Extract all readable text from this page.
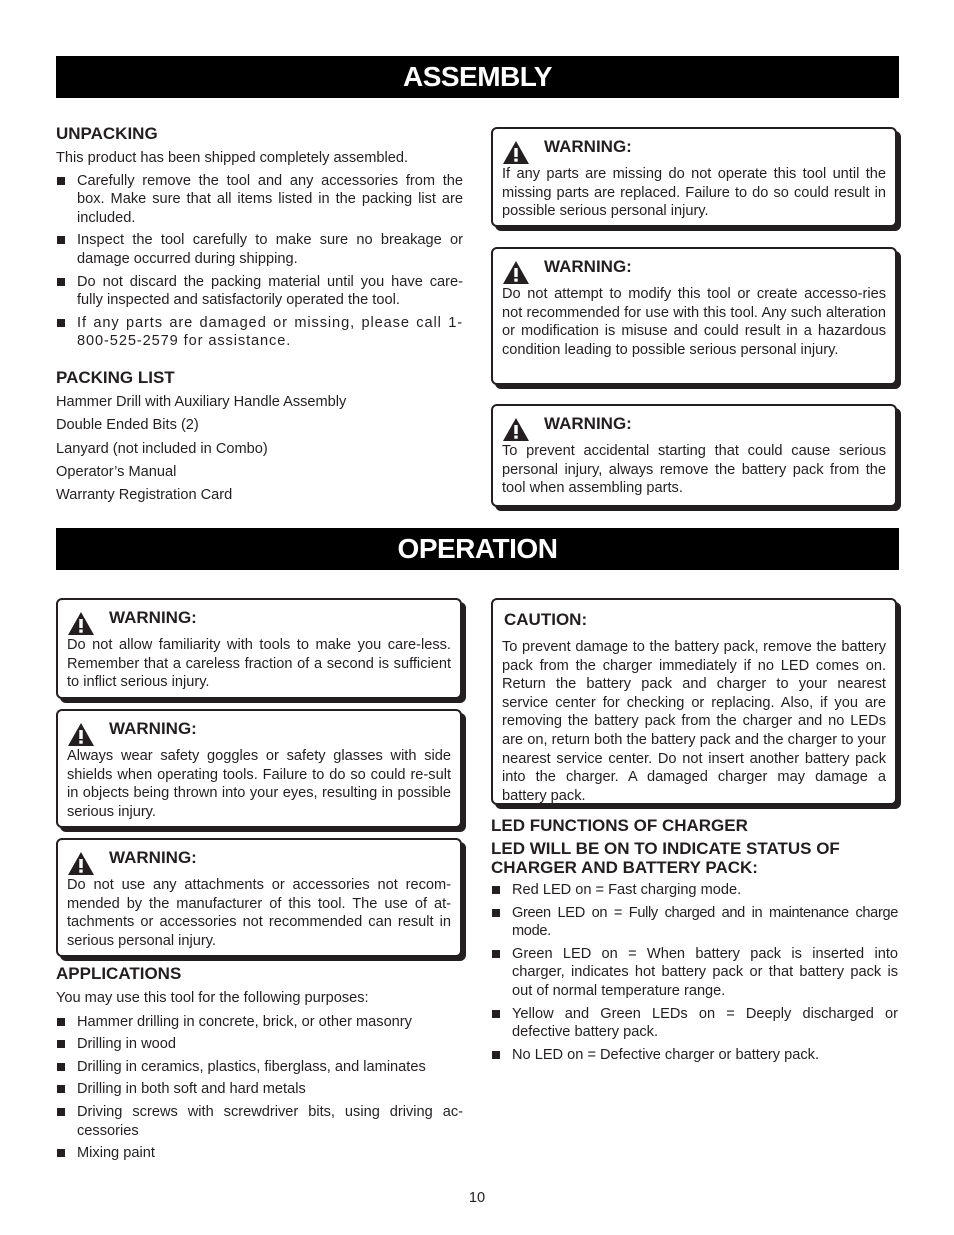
ASSEMBLY
UNPACKING

This product has been shipped completely assembled.

Carefully remove the tool and any accessories from the box. Make sure that all items listed in the packing list are included.
Inspect the tool carefully to make sure no breakage or damage occurred during shipping.
Do not discard the packing material until you have care-fully inspected and satisfactorily operated the tool.
If any parts are damaged or missing, please call 1-800-525-2579 for assistance.
PACKING LIST
Hammer Drill with Auxiliary Handle Assembly
Double Ended Bits (2)
Lanyard (not included in Combo)
Operator’s Manual
Warranty Registration Card
WARNING:
If any parts are missing do not operate this tool until the missing parts are replaced. Failure to do so could result in possible serious personal injury.
WARNING:
Do not attempt to modify this tool or create accesso-ries not recommended for use with this tool. Any such alteration or modification is misuse and could result in a hazardous condition leading to possible serious personal injury.
WARNING:
To prevent accidental starting that could cause serious personal injury, always remove the battery pack from the tool when assembling parts.
OPERATION
WARNING:
Do not allow familiarity with tools to make you care-less. Remember that a careless fraction of a second is sufficient to inflict serious injury.
WARNING:
Always wear safety goggles or safety glasses with side shields when operating tools. Failure to do so could re-sult in objects being thrown into your eyes, resulting in possible serious injury.
WARNING:
Do not use any attachments or accessories not recom-mended by the manufacturer of this tool. The use of at-tachments or accessories not recommended can result in serious personal injury.
APPLICATIONS

You may use this tool for the following purposes:

Hammer drilling in concrete, brick, or other masonry
Drilling in wood
Drilling in ceramics, plastics, fiberglass, and laminates
Drilling in both soft and hard metals
Driving screws with screwdriver bits, using driving ac-cessories
Mixing paint
CAUTION:
To prevent damage to the battery pack, remove the battery pack from the charger immediately if no LED comes on. Return the battery pack and charger to your nearest service center for checking or replacing. Also, if you are removing the battery pack from the charger and no LEDs are on, return both the battery pack and the charger to your nearest service center. Do not insert another battery pack into the charger. A damaged charger may damage a battery pack.
LED FUNCTIONS OF CHARGER
LED WILL BE ON TO INDICATE STATUS OF CHARGER AND BATTERY PACK:
Red LED on = Fast charging mode.
Green LED on = Fully charged and in maintenance charge mode.
Green LED on = When battery pack is inserted into charger, indicates hot battery pack or that battery pack is out of normal temperature range.
Yellow and Green LEDs on = Deeply discharged or defective battery pack.
No LED on = Defective charger or battery pack.
10
